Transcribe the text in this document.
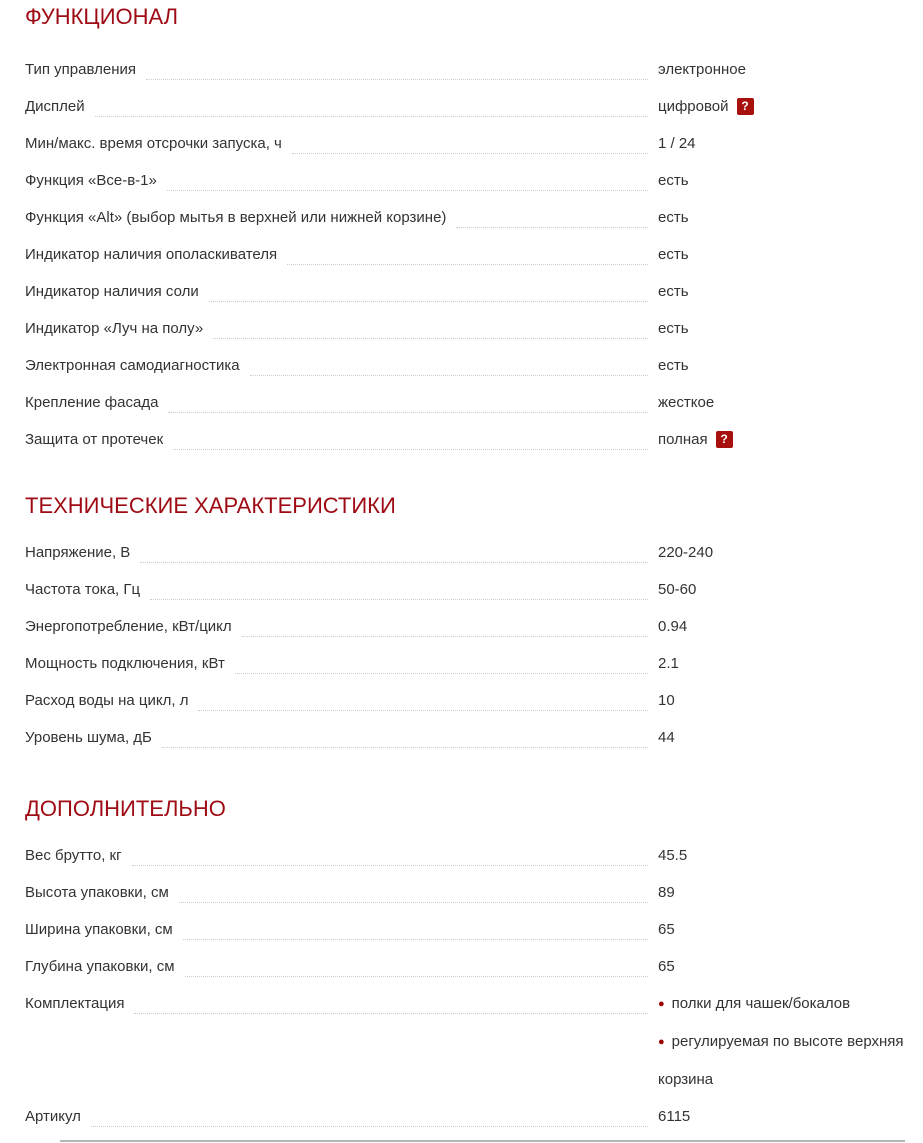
ФУНКЦИОНАЛ
Тип управления	электронное
Дисплей	цифровой ?
Мин/макс. время отсрочки запуска, ч	1 / 24
Функция «Все-в-1»	есть
Функция «Alt» (выбор мытья в верхней или нижней корзине)	есть
Индикатор наличия ополаскивателя	есть
Индикатор наличия соли	есть
Индикатор «Луч на полу»	есть
Электронная самодиагностика	есть
Крепление фасада	жесткое
Защита от протечек	полная ?
ТЕХНИЧЕСКИЕ ХАРАКТЕРИСТИКИ
Напряжение, В	220-240
Частота тока, Гц	50-60
Энергопотребление, кВт/цикл	0.94
Мощность подключения, кВт	2.1
Расход воды на цикл, л	10
Уровень шума, дБ	44
ДОПОЛНИТЕЛЬНО
Вес брутто, кг	45.5
Высота упаковки, см	89
Ширина упаковки, см	65
Глубина упаковки, см	65
Комплектация	● полки для чашек/бокалов
● регулируемая по высоте верхняя корзина
Артикул	6115
